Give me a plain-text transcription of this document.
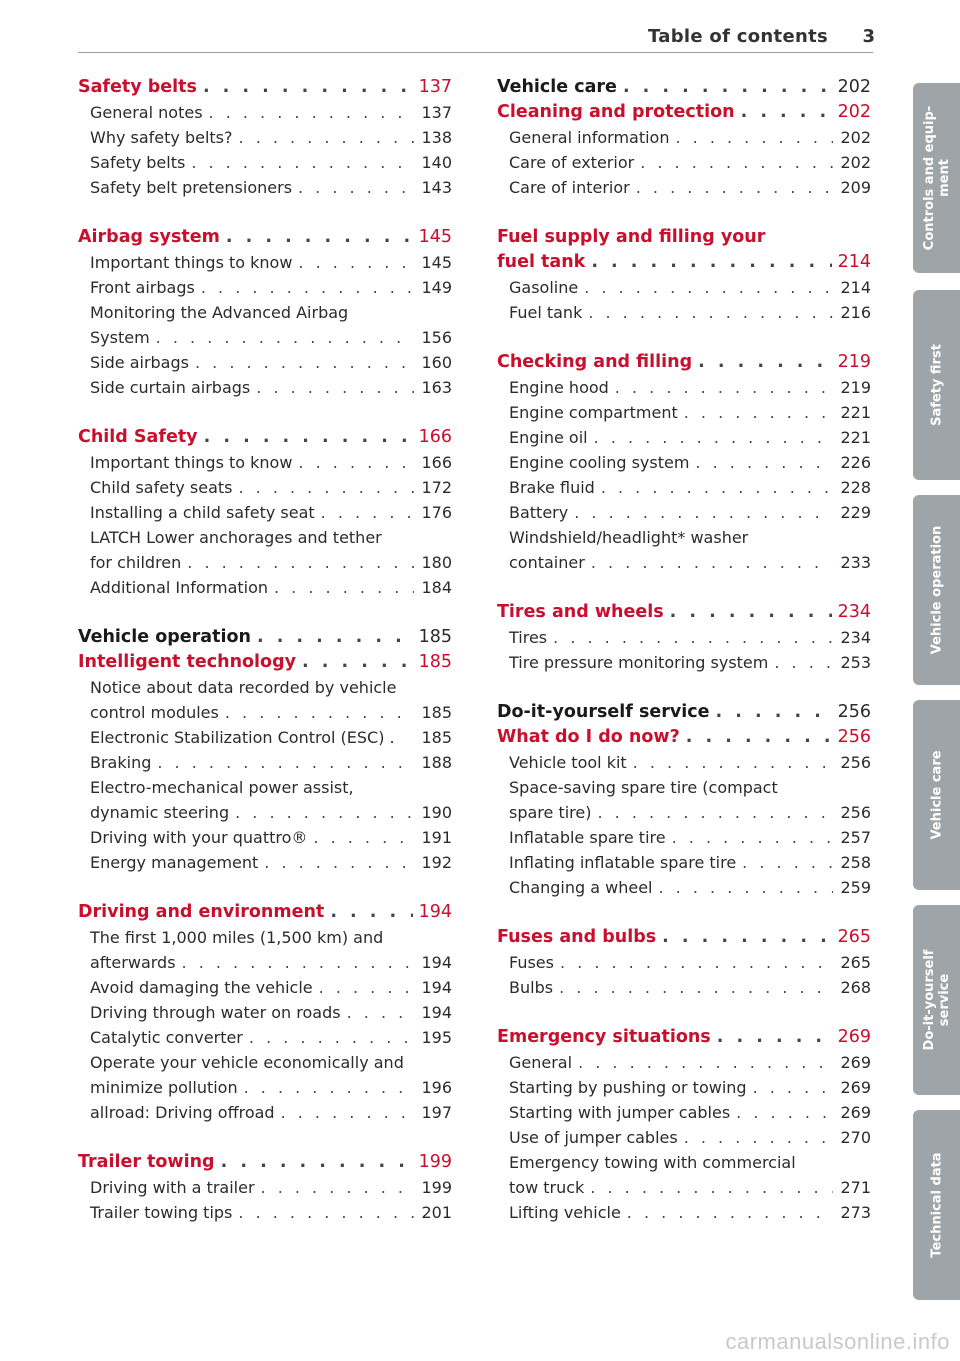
Table of contents 3
Safety belts . . .	137
General notes . . .	137
Why safety belts? . . .	138
Safety belts . . .	140
Safety belt pretensioners . . .	143
Airbag system . . .	145
Important things to know . . .	145
Front airbags . . .	149
Monitoring the Advanced Airbag
System . . .	156
Side airbags . . .	160
Side curtain airbags . . .	163
Child Safety . . .	166
Important things to know . . .	166
Child safety seats . . .	172
Installing a child safety seat . . .	176
LATCH Lower anchorages and tether
for children . . .	180
Additional Information . . .	184
Vehicle operation . . .	185
Intelligent technology . . .	185
Notice about data recorded by vehicle
control modules . . .	185
Electronic Stabilization Control (ESC) . 185
Braking . . .	188
Electro-mechanical power assist,
dynamic steering . . .	190
Driving with your quattro® . . .	191
Energy management . . .	192
Driving and environment . . .	194
The first 1,000 miles (1,500 km) and
afterwards . . .	194
Avoid damaging the vehicle . . .	194
Driving through water on roads . . .	194
Catalytic converter . . .	195
Operate your vehicle economically and
minimize pollution . . .	196
allroad: Driving offroad . . .	197
Trailer towing . . .	199
Driving with a trailer . . .	199
Trailer towing tips . . .	201
Vehicle care . . .	202
Cleaning and protection . . .	202
General information . . .	202
Care of exterior . . .	202
Care of interior . . .	209
Fuel supply and filling your
fuel tank . . .	214
Gasoline . . .	214
Fuel tank . . .	216
Checking and filling . . .	219
Engine hood . . .	219
Engine compartment . . .	221
Engine oil . . .	221
Engine cooling system . . .	226
Brake fluid . . .	228
Battery . . .	229
Windshield/headlight* washer
container . . .	233
Tires and wheels . . .	234
Tires . . .	234
Tire pressure monitoring system . . .	253
Do-it-yourself service . . .	256
What do I do now? . . .	256
Vehicle tool kit . . .	256
Space-saving spare tire (compact
spare tire) . . .	256
Inflatable spare tire . . .	257
Inflating inflatable spare tire . . .	258
Changing a wheel . . .	259
Fuses and bulbs . . .	265
Fuses . . .	265
Bulbs . . .	268
Emergency situations . . .	269
General . . .	269
Starting by pushing or towing . . .	269
Starting with jumper cables . . .	269
Use of jumper cables . . .	270
Emergency towing with commercial
tow truck . . .	271
Lifting vehicle . . .	273
Controls and equip-
ment
Safety first
Vehicle operation
Vehicle care
Do-it-yourself
service
Technical data
carmanualsonline.info
